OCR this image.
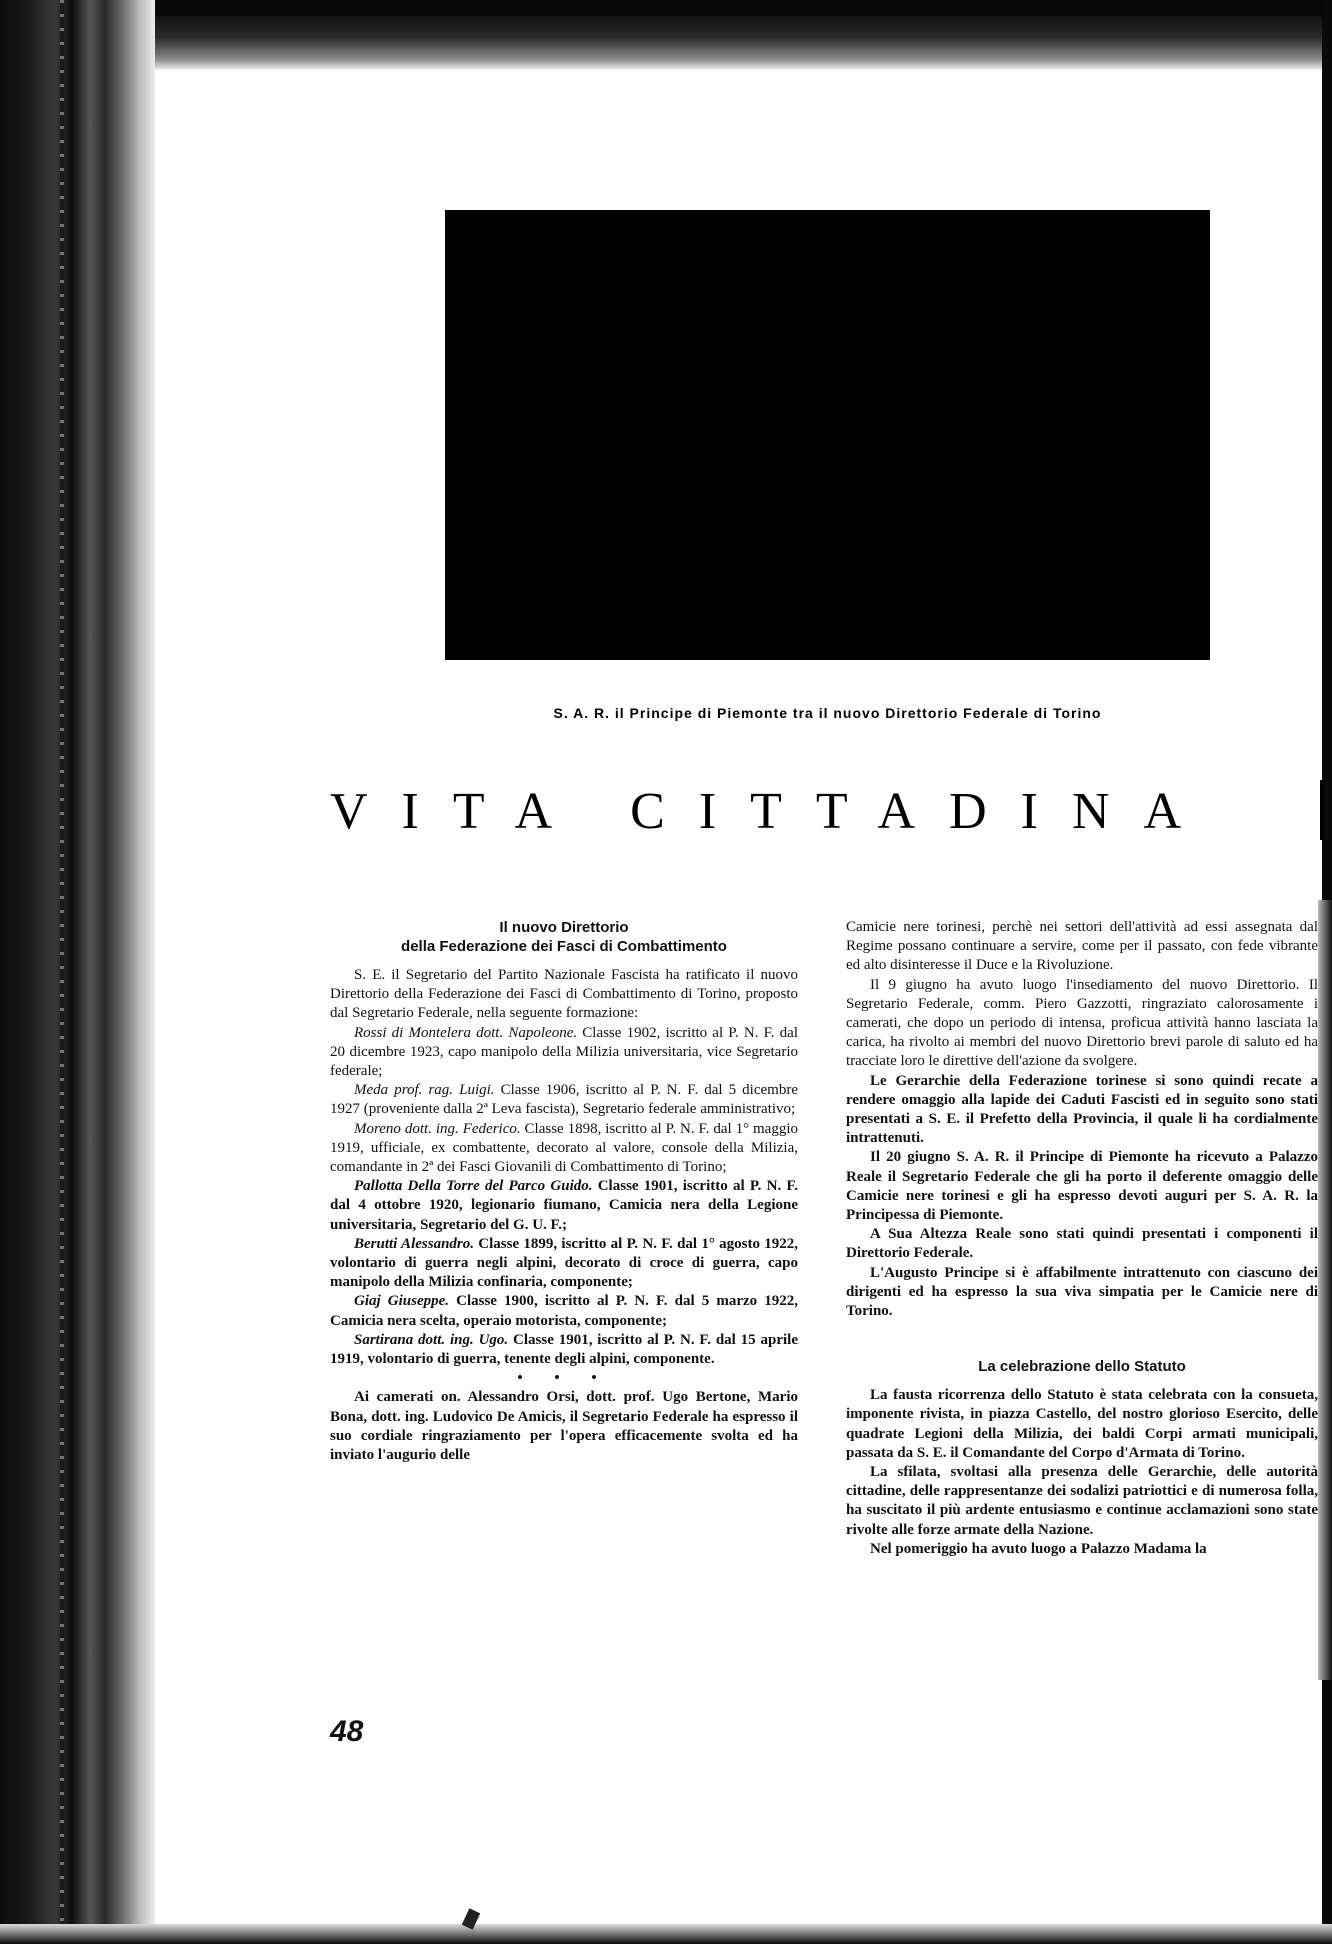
S. A. R. il Principe di Piemonte tra il nuovo Direttorio Federale di Torino
VITA CITTADINA

Il nuovo Direttorio

della Federazione dei Fasci di Combattimento

S. E. il Segretario del Partito Nazionale Fascista ha ratificato il nuovo Direttorio della Federazione dei Fasci di Combattimento di Torino, proposto dal Segretario Federale, nella seguente formazione:

Rossi di Montelera dott. Napoleone. Classe 1902, iscritto al P. N. F. dal 20 dicembre 1923, capo manipolo della Milizia universitaria, vice Segretario federale;

Meda prof. rag. Luigi. Classe 1906, iscritto al P. N. F. dal 5 dicembre 1927 (proveniente dalla 2ª Leva fascista), Segretario federale amministrativo;

Moreno dott. ing. Federico. Classe 1898, iscritto al P. N. F. dal 1° maggio 1919, ufficiale, ex combattente, decorato al valore, console della Milizia, comandante in 2ª dei Fasci Giovanili di Combattimento di Torino;

Pallotta Della Torre del Parco Guido. Classe 1901, iscritto al P. N. F. dal 4 ottobre 1920, legionario fiumano, Camicia nera della Legione universitaria, Segretario del G. U. F.;

Berutti Alessandro. Classe 1899, iscritto al P. N. F. dal 1° agosto 1922, volontario di guerra negli alpini, decorato di croce di guerra, capo manipolo della Milizia confinaria, componente;

Giaj Giuseppe. Classe 1900, iscritto al P. N. F. dal 5 marzo 1922, Camicia nera scelta, operaio motorista, componente;

Sartirana dott. ing. Ugo. Classe 1901, iscritto al P. N. F. dal 15 aprile 1919, volontario di guerra, tenente degli alpini, componente.

• • •

Ai camerati on. Alessandro Orsi, dott. prof. Ugo Bertone, Mario Bona, dott. ing. Ludovico De Amicis, il Segretario Federale ha espresso il suo cordiale ringraziamento per l'opera efficacemente svolta ed ha inviato l'augurio delle

Camicie nere torinesi, perchè nei settori dell'attività ad essi assegnata dal Regime possano continuare a servire, come per il passato, con fede vibrante ed alto disinteresse il Duce e la Rivoluzione.

Il 9 giugno ha avuto luogo l'insediamento del nuovo Direttorio. Il Segretario Federale, comm. Piero Gazzotti, ringraziato calorosamente i camerati, che dopo un periodo di intensa, proficua attività hanno lasciata la carica, ha rivolto ai membri del nuovo Direttorio brevi parole di saluto ed ha tracciate loro le direttive dell'azione da svolgere.

Le Gerarchie della Federazione torinese si sono quindi recate a rendere omaggio alla lapide dei Caduti Fascisti ed in seguito sono stati presentati a S. E. il Prefetto della Provincia, il quale li ha cordialmente intrattenuti.

Il 20 giugno S. A. R. il Principe di Piemonte ha ricevuto a Palazzo Reale il Segretario Federale che gli ha porto il deferente omaggio delle Camicie nere torinesi e gli ha espresso devoti auguri per S. A. R. la Principessa di Piemonte.

A Sua Altezza Reale sono stati quindi presentati i componenti il Direttorio Federale.

L'Augusto Principe si è affabilmente intrattenuto con ciascuno dei dirigenti ed ha espresso la sua viva simpatia per le Camicie nere di Torino.

La celebrazione dello Statuto

La fausta ricorrenza dello Statuto è stata celebrata con la consueta, imponente rivista, in piazza Castello, del nostro glorioso Esercito, delle quadrate Legioni della Milizia, dei baldi Corpi armati municipali, passata da S. E. il Comandante del Corpo d'Armata di Torino.

La sfilata, svoltasi alla presenza delle Gerarchie, delle autorità cittadine, delle rappresentanze dei sodalizi patriottici e di numerosa folla, ha suscitato il più ardente entusiasmo e continue acclamazioni sono state rivolte alle forze armate della Nazione.

Nel pomeriggio ha avuto luogo a Palazzo Madama la

48
